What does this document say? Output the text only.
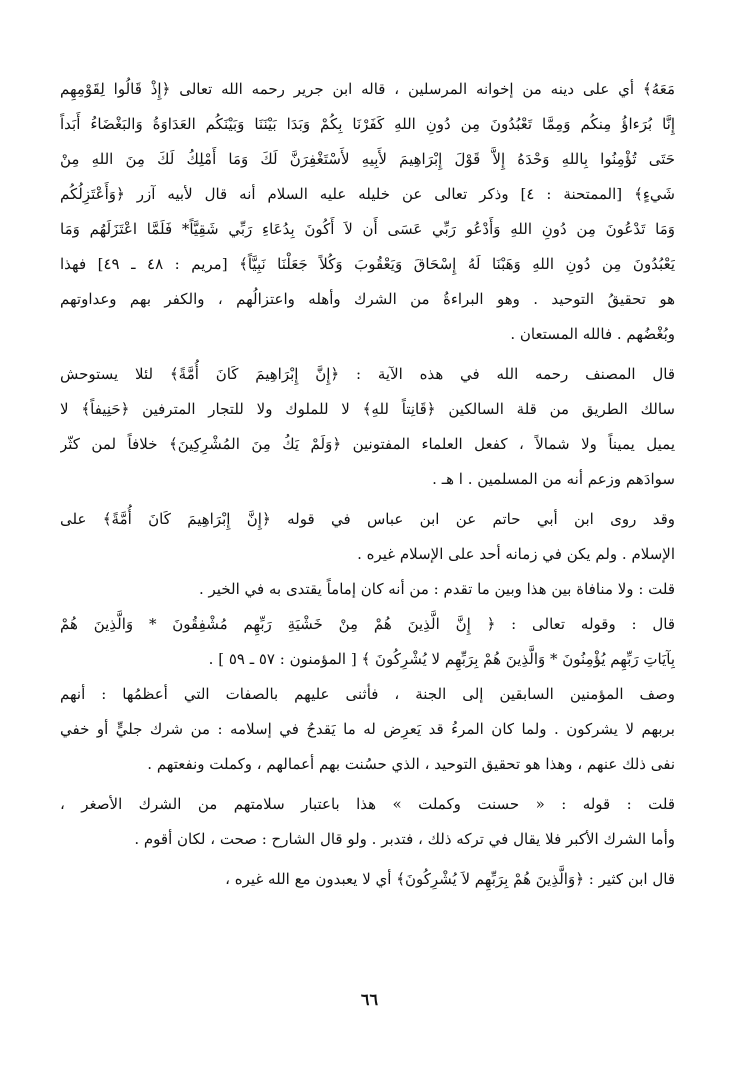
مَعَهُ﴾ أي على دينه من إخوانه المرسلين ، قاله ابن جرير رحمه الله تعالى ﴿إِذْ قَالُوا لِقَوْمِهِم
إِنَّا بُرَءاؤُ مِنكُم وَمِمَّا تَعْبُدُونَ مِن دُونِ اللهِ كَفَرْنَا بِكُمْ وَبَدَا بَيْنَنَا وَبَيْنَكُم العَدَاوَةُ وَالبَغْضَاءُ أَبَداً
حَتَى تُؤْمِنُوا بِاللهِ وَحْدَهُ إِلاَّ قَوْلَ إِبْرَاهِيمَ لأَبِيهِ لأَسْتَغْفِرَنَّ لَكَ وَمَا أَمْلِكُ لَكَ مِنَ اللهِ مِنْ
شَيءٍ﴾ [الممتحنة : ٤] وذكر تعالى عن خليله عليه السلام أنه قال لأبيه آزر ﴿وَأَعْتَزِلُكُم
وَمَا تَدْعُونَ مِن دُونِ اللهِ وَأَدْعُو رَبِّي عَسَى أَن لاَ أَكُونَ بِدُعَاءِ رَبِّي شَقِيَّاً* فَلَمَّا اعْتَزَلَهُم وَمَا
يَعْبُدُونَ مِن دُونِ اللهِ وَهَبْنَا لَهُ إِسْحَاقَ وَيَعْقُوبَ وَكُلاً جَعَلْنَا نَبِيَّاً﴾ [مريم : ٤٨ ـ ٤٩] فهذا
هو تحقيقُ التوحيد . وهو البراءةُ من الشرك وأهله واعتزالُهم ، والكفر بهم وعداوتهم
وبُغْضُهم . فالله المستعان .
قال المصنف رحمه الله في هذه الآية : ﴿إِنَّ إِبْرَاهِيمَ كَانَ أُمَّةً﴾ لئلا يستوحش
سالك الطريق من قلة السالكين ﴿قَانِتاً للهِ﴾ لا للملوك ولا للتجار المترفين ﴿حَنِيفاً﴾ لا
يميل يميناً ولا شمالاً ، كفعل العلماء المفتونين ﴿وَلَمْ يَكُ مِنَ المُشْرِكِينَ﴾ خلافاً لمن كثّر
سوادَهم وزعم أنه من المسلمين . ا هـ .
وقد روى ابن أبي حاتم عن ابن عباس في قوله ﴿إِنَّ إِبْرَاهِيمَ كَانَ أُمَّةً﴾ على
الإسلام . ولم يكن في زمانه أحد على الإسلام غيره .
قلت : ولا منافاة بين هذا وبين ما تقدم : من أنه كان إماماً يقتدى به في الخير .
قال : وقوله تعالى : ﴿ إِنَّ الَّذِينَ هُمْ مِنْ خَشْيَةِ رَبِّهِم مُشْفِقُونَ * وَالَّذِينَ هُمْ
بِآيَاتِ رَبِّهِم يُؤْمِنُونَ * وَالَّذِينَ هُمْ بِرَبِّهِم لا يُشْرِكُونَ ﴾ [ المؤمنون : ٥٧ ـ ٥٩ ] .
وصف المؤمنين السابقين إلى الجنة ، فأثنى عليهم بالصفات التي أعظمُها : أنهم
بربهم لا يشركون . ولما كان المرءُ قد يَعرِض له ما يَقدحُ في إسلامه : من شرك جليٍّ أو خفي
نفى ذلك عنهم ، وهذا هو تحقيق التوحيد ، الذي حسُنت بهم أعمالهم ، وكملت ونفعتهم .
قلت : قوله : « حسنت وكملت » هذا باعتبار سلامتهم من الشرك الأصغر ،
وأما الشرك الأكبر فلا يقال في تركه ذلك ، فتدبر . ولو قال الشارح : صحت ، لكان أقوم .
قال ابن كثير : ﴿وَالَّذِينَ هُمْ بِرَبِّهِم لاَ يُشْرِكُونَ﴾ أي لا يعبدون مع الله غيره ،
٦٦
